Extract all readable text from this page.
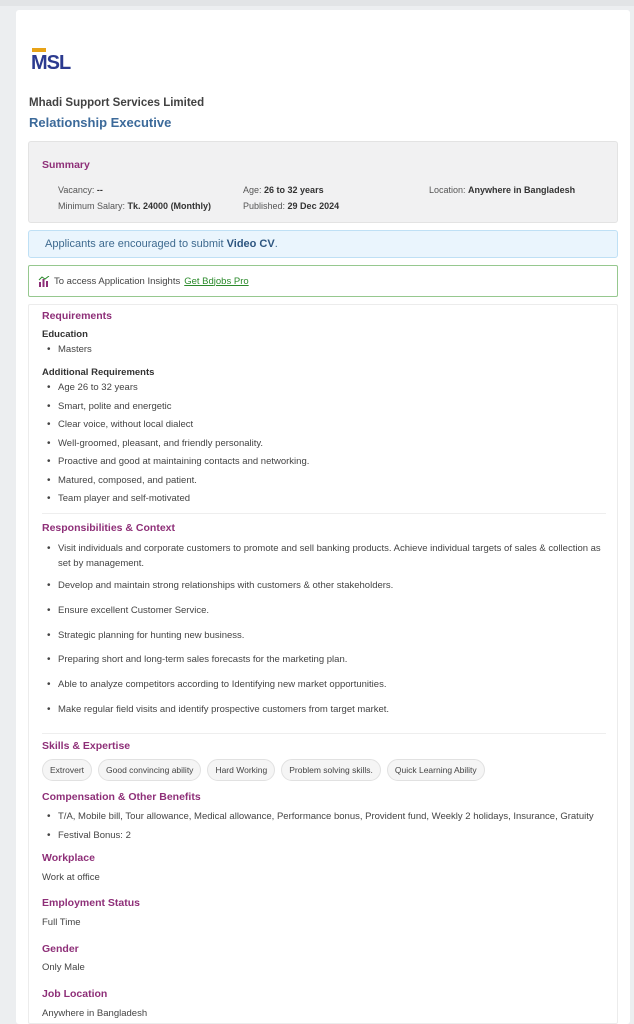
MSL
Mhadi Support Services Limited
Relationship Executive
Summary
Vacancy: --	Age: 26 to 32 years	Location: Anywhere in Bangladesh
Minimum Salary: Tk. 24000 (Monthly)	Published: 29 Dec 2024
Applicants are encouraged to submit Video CV.
To access Application Insights Get Bdjobs Pro
Requirements
Education
• Masters
Additional Requirements
• Age 26 to 32 years
• Smart, polite and energetic
• Clear voice, without local dialect
• Well-groomed, pleasant, and friendly personality.
• Proactive and good at maintaining contacts and networking.
• Matured, composed, and patient.
• Team player and self-motivated
Responsibilities & Context
• Visit individuals and corporate customers to promote and sell banking products. Achieve individual targets of sales & collection as set by management.
• Develop and maintain strong relationships with customers & other stakeholders.
• Ensure excellent Customer Service.
• Strategic planning for hunting new business.
• Preparing short and long-term sales forecasts for the marketing plan.
• Able to analyze competitors according to Identifying new market opportunities.
• Make regular field visits and identify prospective customers from target market.
Skills & Expertise
Extrovert	Good convincing ability	Hard Working	Problem solving skills.	Quick Learning Ability
Compensation & Other Benefits
• T/A, Mobile bill, Tour allowance, Medical allowance, Performance bonus, Provident fund, Weekly 2 holidays, Insurance, Gratuity
• Festival Bonus: 2
Workplace
Work at office
Employment Status
Full Time
Gender
Only Male
Job Location
Anywhere in Bangladesh
